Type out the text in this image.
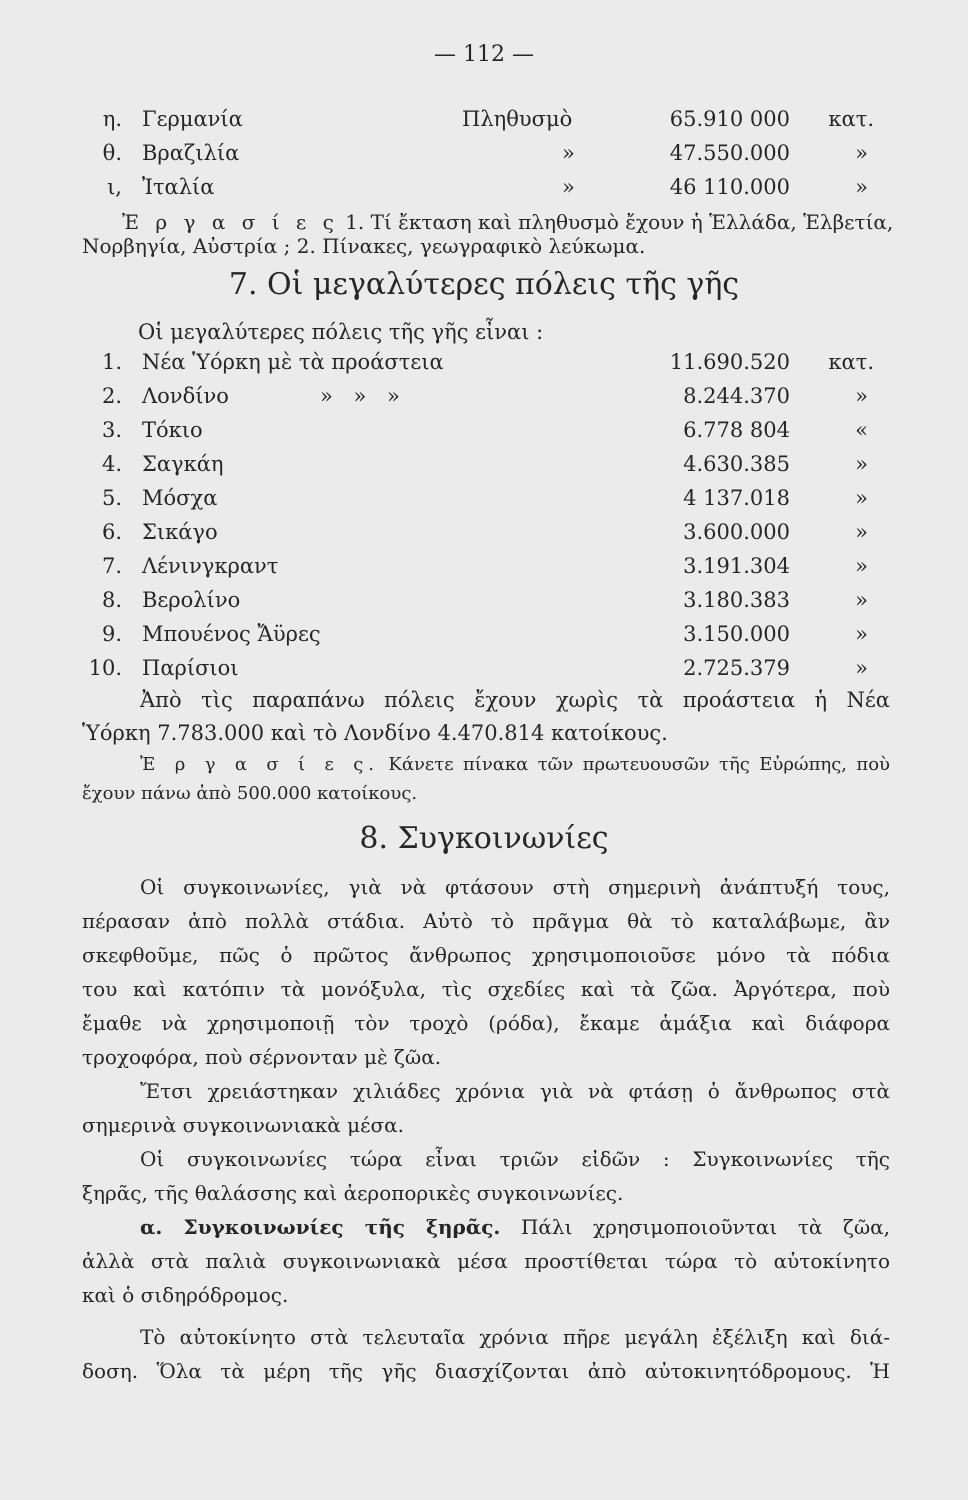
— 112 —
η. Γερμανία	Πληθυσμὸ	65.910 000 κατ.
θ. Βραζιλία	»	47.550.000	»
ι, Ἰταλία	»	46 110.000	»
Ἐ ρ γ α σ ί ε ς 1. Τί ἔκταση καὶ πληθυσμὸ ἔχουν ἡ Ἑλλάδα, Ἑλβετία,
Νορβηγία, Αὐστρία ; 2. Πίνακες, γεωγραφικὸ λεύκωμα.
7. Οἱ μεγαλύτερες πόλεις τῆς γῆς
Οἱ μεγαλύτερες πόλεις τῆς γῆς εἶναι :
1. Νέα Ὑόρκη μὲ τὰ προάστεια	11.690.520 κατ.
2. Λονδίνο	» » »	8.244.370	»
3. Τόκιο	6.778 804	«
4. Σαγκάη	4.630.385	»
5. Μόσχα	4 137.018	»
6. Σικάγο	3.600.000	»
7. Λένινγκραντ	3.191.304	»
8. Βερολίνο	3.180.383	»
9. Μπουένος Ἄϋρες	3.150.000	»
10. Παρίσιοι	2.725.379	»
Ἀπὸ τὶς παραπάνω πόλεις ἔχουν χωρὶς τὰ προάστεια ἡ Νέα
Ὑόρκη 7.783.000 καὶ τὸ Λονδίνο 4.470.814 κατοίκους.
Ἐ ρ γ α σ ί ε ς. Κάνετε πίνακα τῶν πρωτευουσῶν τῆς Εὐρώπης, ποὺ
ἔχουν πάνω ἀπὸ 500.000 κατοίκους.
8. Συγκοινωνίες
Οἱ συγκοινωνίες, γιὰ νὰ φτάσουν στὴ σημερινὴ ἀνάπτυξή τους,
πέρασαν ἀπὸ πολλὰ στάδια. Αὐτὸ τὸ πρᾶγμα θὰ τὸ καταλάβωμε, ἂν
σκεφθοῦμε, πῶς ὁ πρῶτος ἄνθρωπος χρησιμοποιοῦσε μόνο τὰ πόδια
του καὶ κατόπιν τὰ μονόξυλα, τὶς σχεδίες καὶ τὰ ζῶα. Ἀργότερα, ποὺ
ἔμαθε νὰ χρησιμοποιῇ τὸν τροχὸ (ρόδα), ἔκαμε ἁμάξια καὶ διάφορα
τροχοφόρα, ποὺ σέρνονταν μὲ ζῶα.
Ἔτσι χρειάστηκαν χιλιάδες χρόνια γιὰ νὰ φτάσῃ ὁ ἄνθρωπος στὰ
σημερινὰ συγκοινωνιακὰ μέσα.
Οἱ συγκοινωνίες τώρα εἶναι τριῶν εἰδῶν : Συγκοινωνίες τῆς
ξηρᾶς, τῆς θαλάσσης καὶ ἀεροπορικὲς συγκοινωνίες.
α. Συγκοινωνίες τῆς ξηρᾶς. Πάλι χρησιμοποιοῦνται τὰ ζῶα,
ἀλλὰ στὰ παλιὰ συγκοινωνιακὰ μέσα προστίθεται τώρα τὸ αὐτοκίνητο
καὶ ὁ σιδηρόδρομος.
Τὸ αὐτοκίνητο στὰ τελευταῖα χρόνια πῆρε μεγάλη ἐξέλιξη καὶ διά-
δοση. Ὅλα τὰ μέρη τῆς γῆς διασχίζονται ἀπὸ αὐτοκινητόδρομους. Ἡ
